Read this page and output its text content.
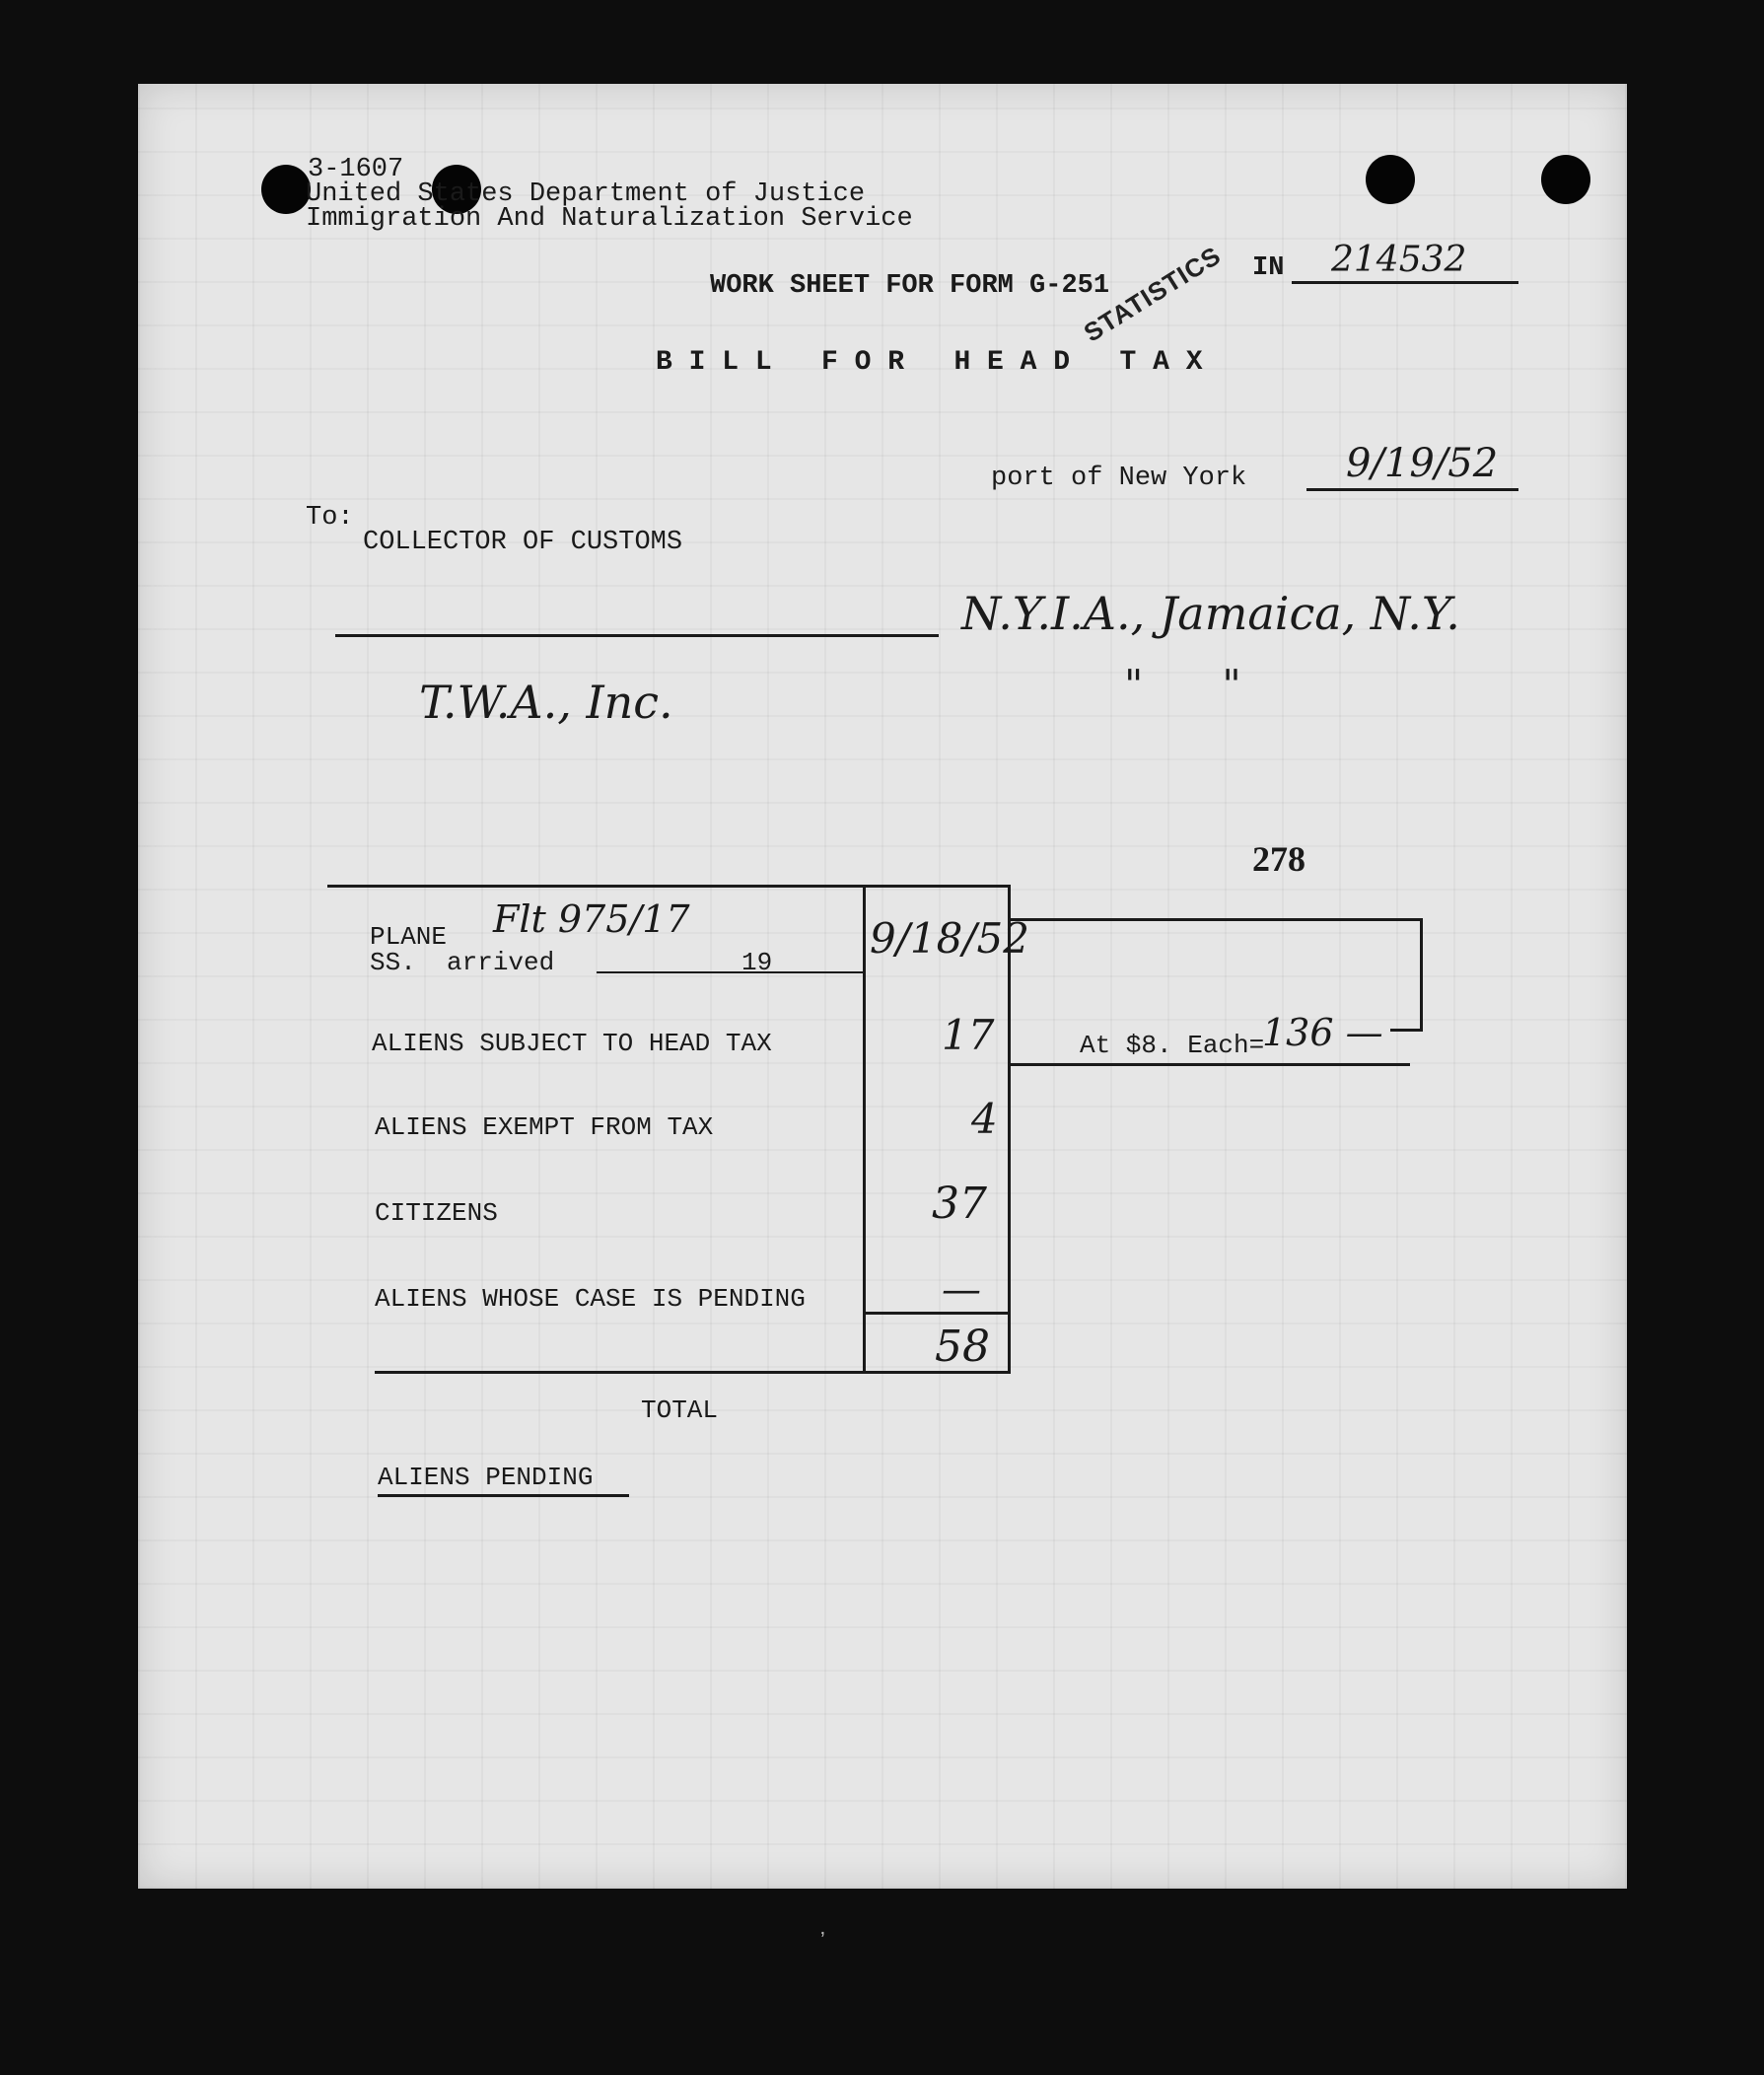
3-1607
United States Department of Justice
Immigration And Naturalization Service
WORK SHEET FOR FORM G-251
STATISTICS IN 214532
B I L L   F O R   H E A D   T A X
port of New York	9/19/52
To:
COLLECTOR OF CUSTOMS
N.Y.I.A., Jamaica, N.Y.
T.W.A., Inc.	"      "
278
PLANE Flt 975/17
SS.  arrived	19 9/18/52
ALIENS SUBJECT TO HEAD TAX	17
ALIENS EXEMPT FROM TAX	4
CITIZENS	37
ALIENS WHOSE CASE IS PENDING	—
TOTAL
58
At $8. Each=
136 —
ALIENS PENDING
ʼ
